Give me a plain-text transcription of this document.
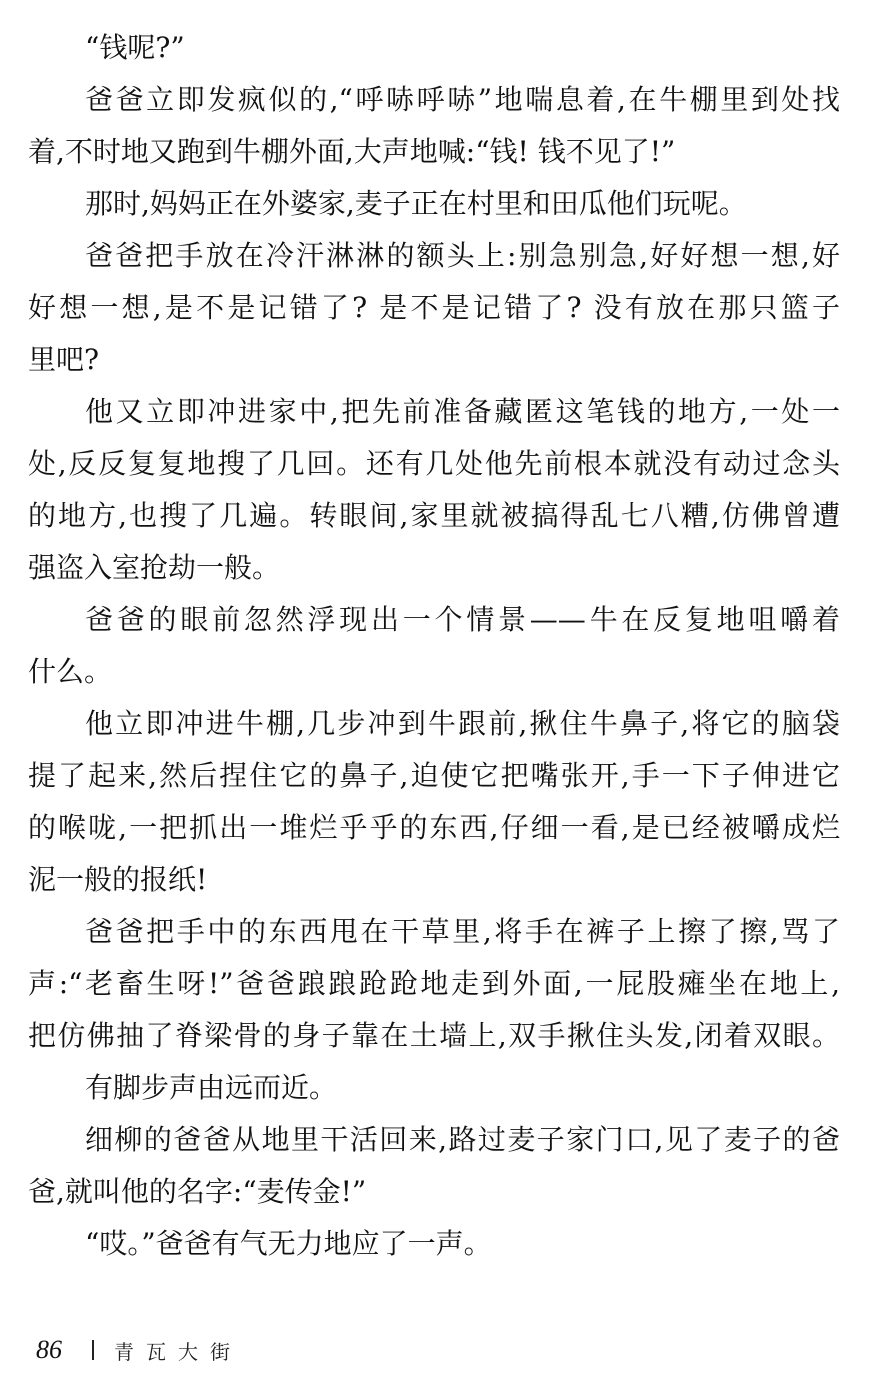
“钱呢?”
爸爸立即发疯似的,“呼哧呼哧”地喘息着,在牛棚里到处找
着,不时地又跑到牛棚外面,大声地喊:“钱! 钱不见了!”
那时,妈妈正在外婆家,麦子正在村里和田瓜他们玩呢。
爸爸把手放在冷汗淋淋的额头上:别急别急,好好想一想,好
好想一想,是不是记错了? 是不是记错了? 没有放在那只篮子
里吧?
他又立即冲进家中,把先前准备藏匿这笔钱的地方,一处一
处,反反复复地搜了几回。还有几处他先前根本就没有动过念头
的地方,也搜了几遍。转眼间,家里就被搞得乱七八糟,仿佛曾遭
强盗入室抢劫一般。
爸爸的眼前忽然浮现出一个情景——牛在反复地咀嚼着
什么。
他立即冲进牛棚,几步冲到牛跟前,揪住牛鼻子,将它的脑袋
提了起来,然后捏住它的鼻子,迫使它把嘴张开,手一下子伸进它
的喉咙,一把抓出一堆烂乎乎的东西,仔细一看,是已经被嚼成烂
泥一般的报纸!
爸爸把手中的东西甩在干草里,将手在裤子上擦了擦,骂了
声:“老畜生呀!”爸爸踉踉跄跄地走到外面,一屁股瘫坐在地上,
把仿佛抽了脊梁骨的身子靠在土墙上,双手揪住头发,闭着双眼。
有脚步声由远而近。
细柳的爸爸从地里干活回来,路过麦子家门口,见了麦子的爸
爸,就叫他的名字:“麦传金!”
“哎。”爸爸有气无力地应了一声。
86	青瓦大街
